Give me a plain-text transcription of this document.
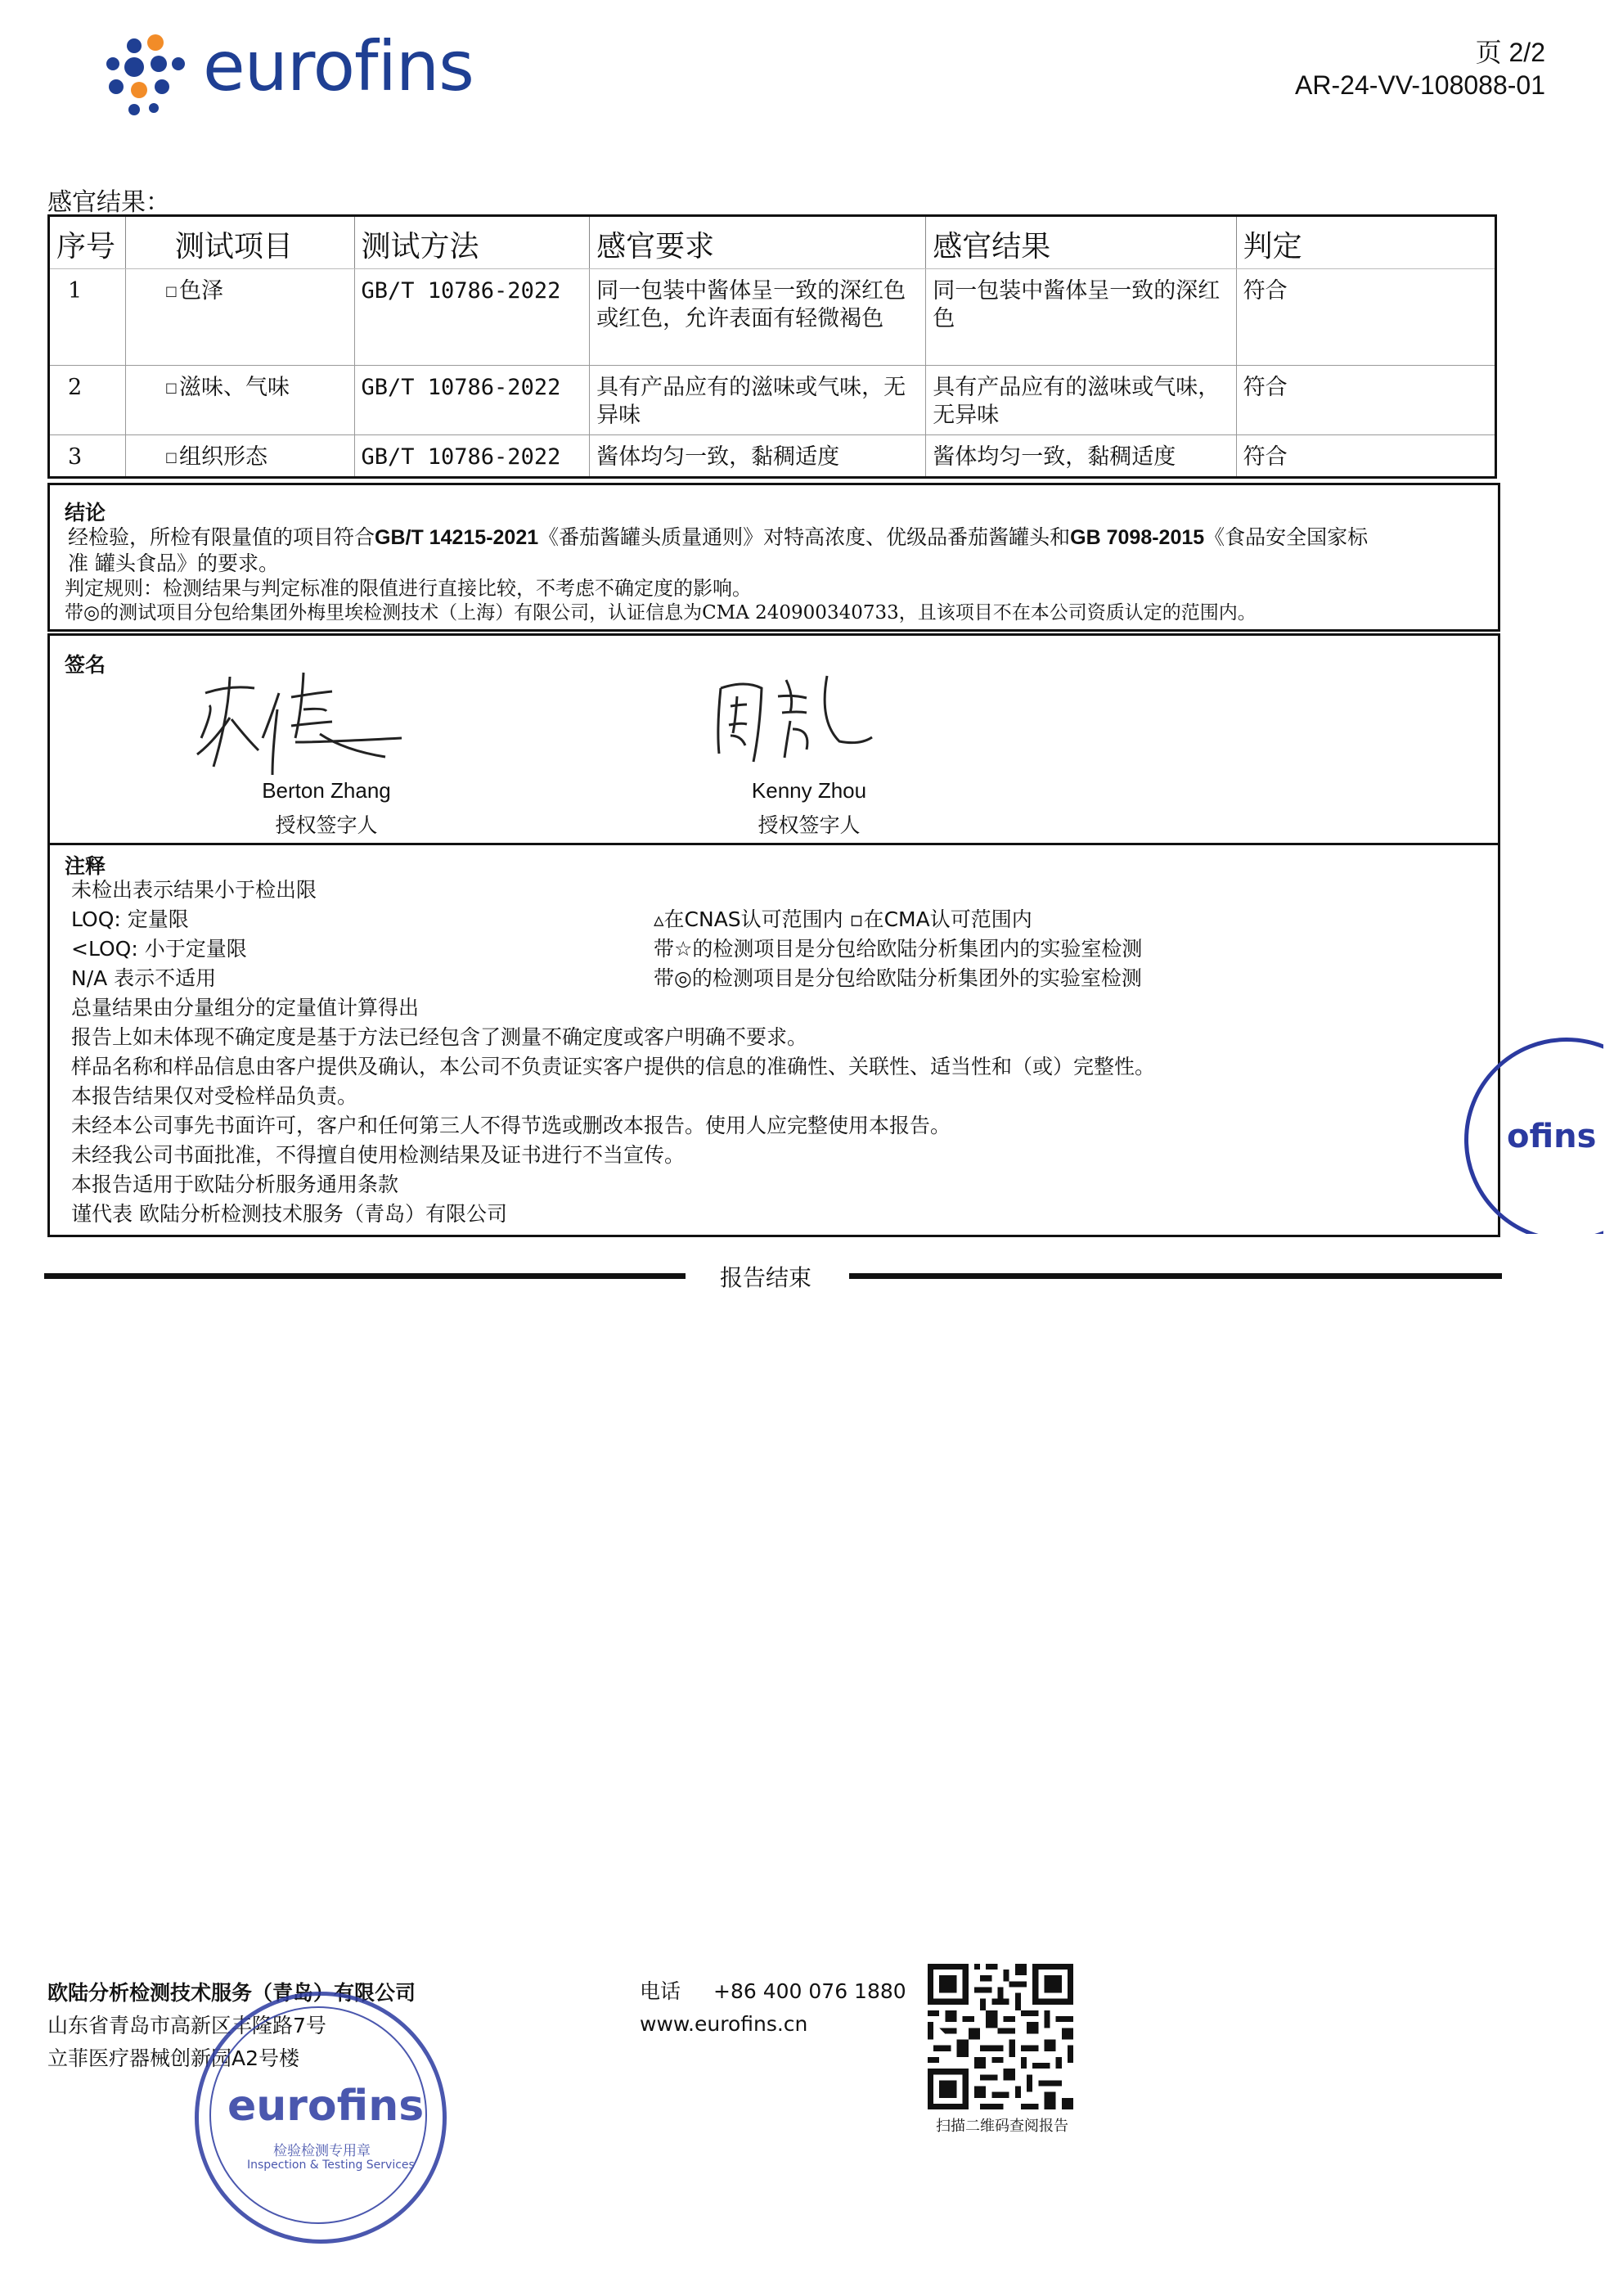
eurofins	页 2/2
AR-24-VV-108088-01
感官结果：
序号	测试项目	测试方法	感官要求	感官结果	判定
1	□色泽	GB/T 10786-2022	同一包装中酱体呈一致的深红色或红色，允许表面有轻微褐色	同一包装中酱体呈一致的深红色	符合
2	□滋味、气味	GB/T 10786-2022	具有产品应有的滋味或气味，无异味	具有产品应有的滋味或气味，无异味	符合
3	□组织形态	GB/T 10786-2022	酱体均匀一致，黏稠适度	酱体均匀一致，黏稠适度	符合
结论
经检验，所检有限量值的项目符合GB/T 14215-2021《番茄酱罐头质量通则》对特高浓度、优级品番茄酱罐头和GB 7098-2015《食品安全国家标
准 罐头食品》的要求。
判定规则：检测结果与判定标准的限值进行直接比较，不考虑不确定度的影响。
带◎的测试项目分包给集团外梅里埃检测技术（上海）有限公司，认证信息为CMA 240900340733，且该项目不在本公司资质认定的范围内。
签名
Berton Zhang
授权签字人
Kenny Zhou
授权签字人
注释
未检出表示结果小于检出限
LOQ: 定量限
<LOQ: 小于定量限
N/A 表示不适用
总量结果由分量组分的定量值计算得出
报告上如未体现不确定度是基于方法已经包含了测量不确定度或客户明确不要求。
样品名称和样品信息由客户提供及确认，本公司不负责证实客户提供的信息的准确性、关联性、适当性和（或）完整性。
本报告结果仅对受检样品负责。
未经本公司事先书面许可，客户和任何第三人不得节选或删改本报告。使用人应完整使用本报告。
未经我公司书面批准，不得擅自使用检测结果及证书进行不当宣传。
本报告适用于欧陆分析服务通用条款
谨代表 欧陆分析检测技术服务（青岛）有限公司
▵在CNAS认可范围内 ▫在CMA认可范围内
带☆的检测项目是分包给欧陆分析集团内的实验室检测
带◎的检测项目是分包给欧陆分析集团外的实验室检测
ofins
报告结束
欧陆分析检测技术服务（青岛）有限公司
山东省青岛市高新区丰隆路7号
立菲医疗器械创新园A2号楼
电话 +86 400 076 1880
www.eurofins.cn
扫描二维码查阅报告
eurofins
检验检测专用章
Inspection & Testing Services
